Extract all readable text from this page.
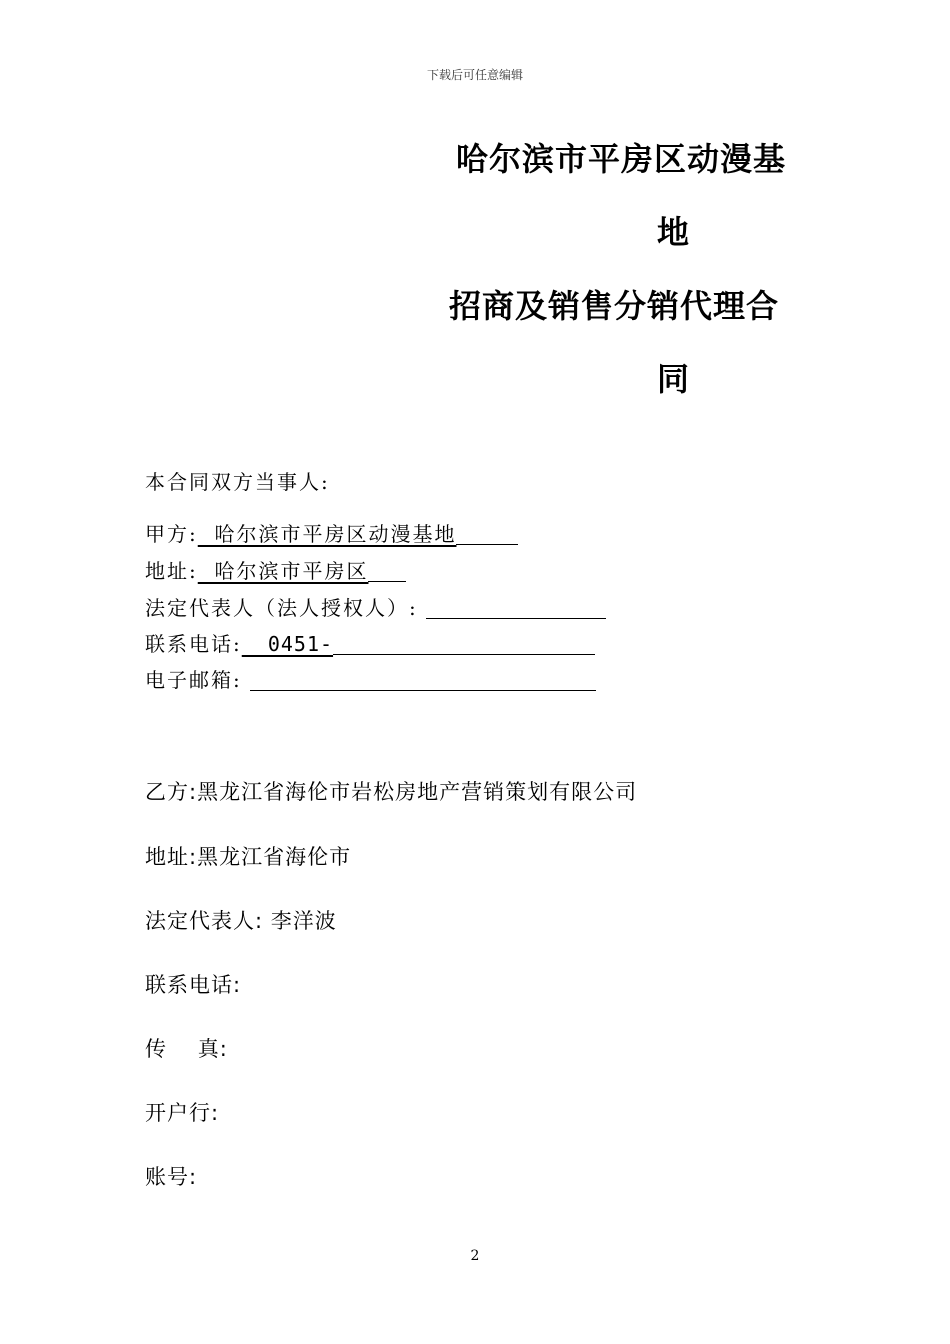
下载后可任意编辑
哈尔滨市平房区动漫基
地
招商及销售分销代理合
同
本合同双方当事人:
甲方:  哈尔滨市平房区动漫基地
地址:  哈尔滨市平房区
法定代表人（法人授权人）:
联系电话:  0451-
电子邮箱:
乙方:黑龙江省海伦市岩松房地产营销策划有限公司
地址:黑龙江省海伦市
法定代表人: 李洋波
联系电话:
传    真:
开户行:
账号:
2
